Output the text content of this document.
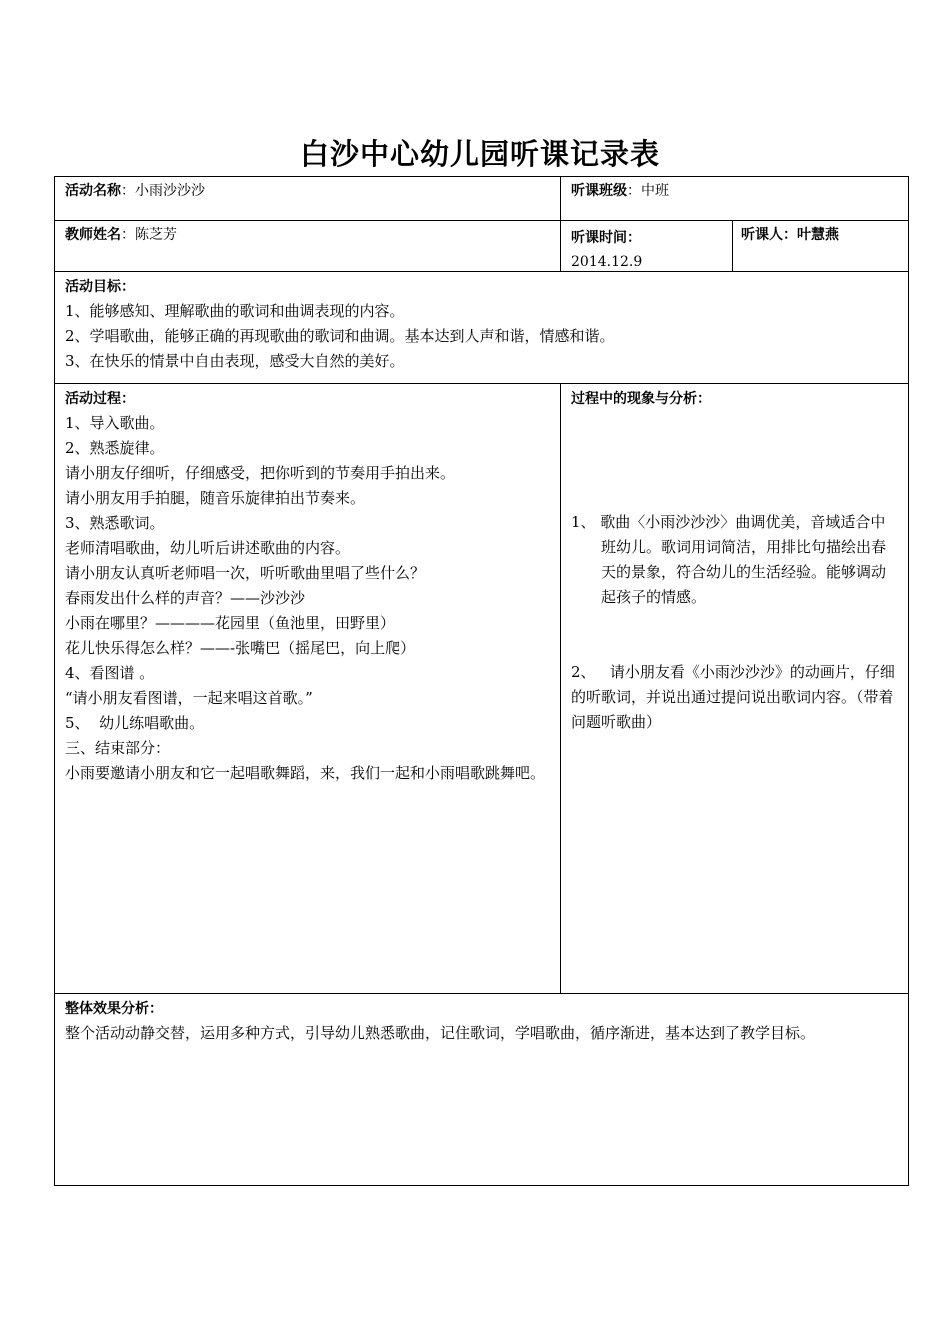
白沙中心幼儿园听课记录表
活动名称：小雨沙沙沙	听课班级：中班
教师姓名：陈芝芳	听课时间：
2014.12.9
听课人：叶慧燕
活动目标：
1、能够感知、理解歌曲的歌词和曲调表现的内容。
2、学唱歌曲，能够正确的再现歌曲的歌词和曲调。基本达到人声和谐，情感和谐。
3、在快乐的情景中自由表现，感受大自然的美好。
活动过程：
1、导入歌曲。
2、熟悉旋律。
请小朋友仔细听，仔细感受，把你听到的节奏用手拍出来。
请小朋友用手拍腿，随音乐旋律拍出节奏来。
3、熟悉歌词。
老师清唱歌曲，幼儿听后讲述歌曲的内容。
请小朋友认真听老师唱一次，听听歌曲里唱了些什么？
春雨发出什么样的声音？——沙沙沙
小雨在哪里？————花园里（鱼池里，田野里）
花儿快乐得怎么样？——-张嘴巴（摇尾巴，向上爬）
4、看图谱 。
“请小朋友看图谱，一起来唱这首歌。”
5、  幼儿练唱歌曲。
三、结束部分：
小雨要邀请小朋友和它一起唱歌舞蹈，来，我们一起和小雨唱歌跳舞吧。
过程中的现象与分析：
1、 歌曲〈小雨沙沙沙〉曲调优美，音域适合中班幼儿。歌词用词简洁，用排比句描绘出春天的景象，符合幼儿的生活经验。能够调动起孩子的情感。
2、   请小朋友看《小雨沙沙沙》的动画片，仔细的听歌词，并说出通过提问说出歌词内容。（带着问题听歌曲）
整体效果分析：
整个活动动静交替，运用多种方式，引导幼儿熟悉歌曲，记住歌词，学唱歌曲，循序渐进，基本达到了教学目标。
